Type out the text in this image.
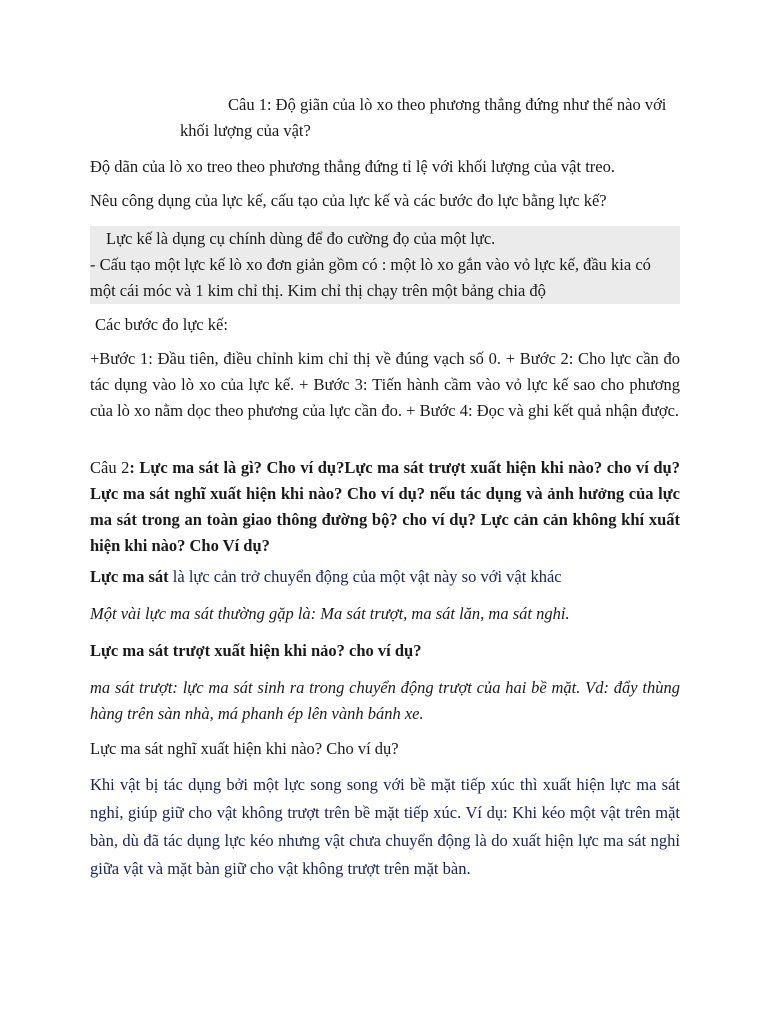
Câu 1: Độ giãn của lò xo theo phương thẳng đứng như thế nào với khối lượng của vật?

Độ dãn của lò xo treo theo phương thẳng đứng tỉ lệ với khối lượng của vật treo.

Nêu công dụng của lực kế, cấu tạo của lực kế và các bước đo lực bằng lực kế?

Lực kế là dụng cụ chính dùng để đo cường đọ của một lực.
- Cấu tạo một lực kế lò xo đơn giản gồm có : một lò xo gắn vào vỏ lực kế, đầu kia có một cái móc và 1 kim chỉ thị. Kim chỉ thị chạy trên một bảng chia độ

Các bước đo lực kế:

+Bước 1: Đầu tiên, điều chỉnh kim chỉ thị về đúng vạch số 0. + Bước 2: Cho lực cần đo tác dụng vào lò xo của lực kế. + Bước 3: Tiến hành cầm vào vỏ lực kế sao cho phương của lò xo nằm dọc theo phương của lực cần đo. + Bước 4: Đọc và ghi kết quả nhận được.

Câu 2: Lực ma sát là gì? Cho ví dụ?Lực ma sát trượt xuất hiện khi nào? cho ví dụ?Lực ma sát nghĩ xuất hiện khi nào? Cho ví dụ? nếu tác dụng và ảnh hưởng của lực ma sát trong an toàn giao thông đường bộ? cho ví dụ? Lực cản cản không khí xuất hiện khi nào? Cho Ví dụ?

Lực ma sát là lực cản trở chuyển động của một vật này so với vật khác

Một vài lực ma sát thường gặp là: Ma sát trượt, ma sát lăn, ma sát nghỉ.

Lực ma sát trượt xuất hiện khi nảo? cho ví dụ?

ma sát trượt: lực ma sát sinh ra trong chuyển động trượt của hai bề mặt. Vd: đẩy thùng hàng trên sàn nhà, má phanh ép lên vành bánh xe.

Lực ma sát nghĩ xuất hiện khi nào? Cho ví dụ?

Khi vật bị tác dụng bởi một lực song song với bề mặt tiếp xúc thì xuất hiện lực ma sát nghỉ, giúp giữ cho vật không trượt trên bề mặt tiếp xúc. Ví dụ: Khi kéo một vật trên mặt bàn, dù đã tác dụng lực kéo nhưng vật chưa chuyển động là do xuất hiện lực ma sát nghỉ giữa vật và mặt bàn giữ cho vật không trượt trên mặt bàn.
